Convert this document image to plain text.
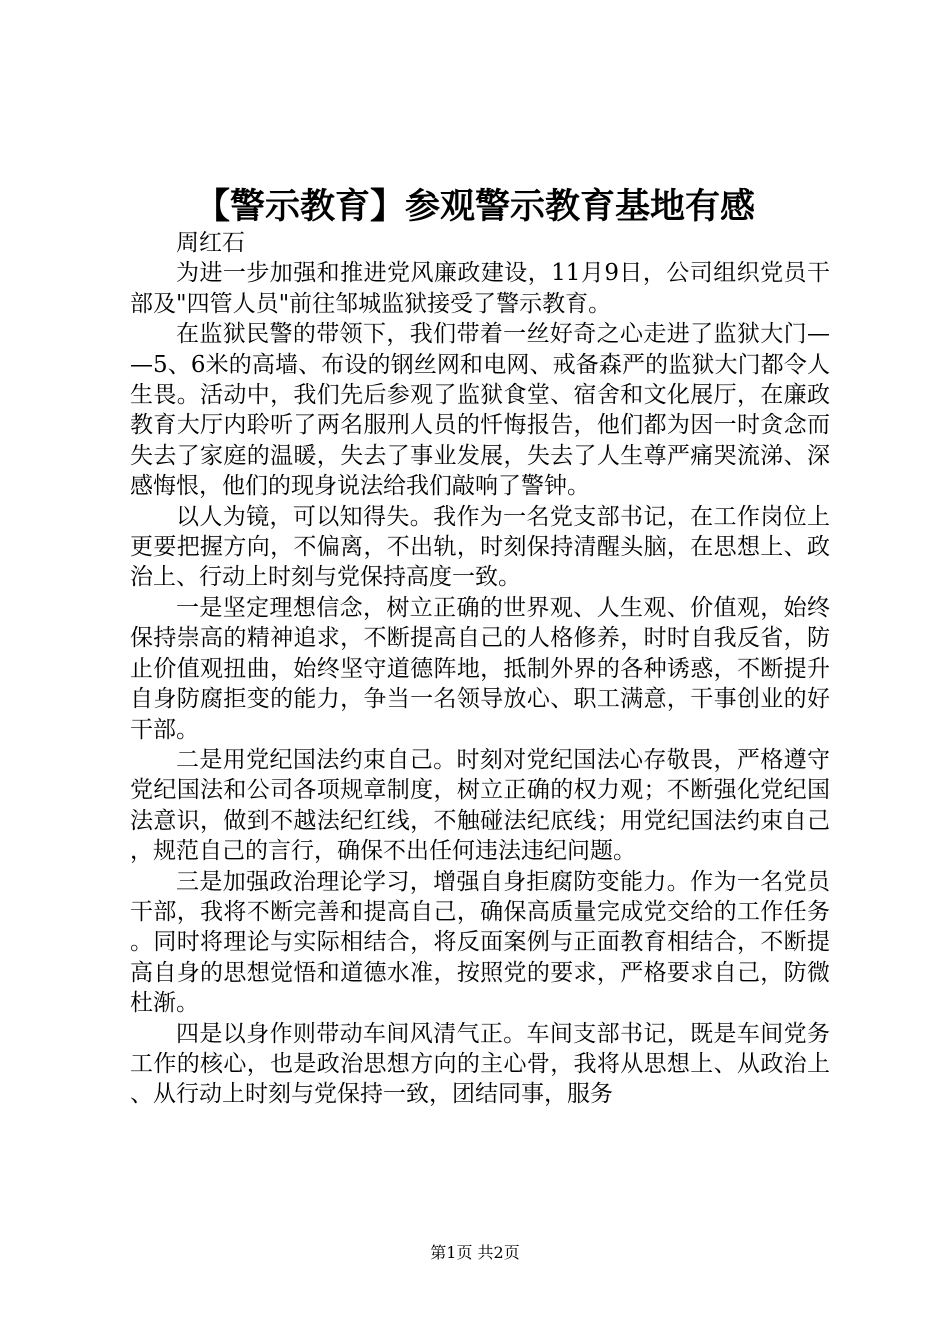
【警示教育】参观警示教育基地有感

周红石

为进一步加强和推进党风廉政建设，11月9日，公司组织党员干部及"四管人员"前往邹城监狱接受了警示教育。

在监狱民警的带领下，我们带着一丝好奇之心走进了监狱大门——5、6米的高墙、布设的钢丝网和电网、戒备森严的监狱大门都令人生畏。活动中，我们先后参观了监狱食堂、宿舍和文化展厅，在廉政教育大厅内聆听了两名服刑人员的忏悔报告，他们都为因一时贪念而失去了家庭的温暖，失去了事业发展，失去了人生尊严痛哭流涕、深感悔恨，他们的现身说法给我们敲响了警钟。

以人为镜，可以知得失。我作为一名党支部书记，在工作岗位上更要把握方向，不偏离，不出轨，时刻保持清醒头脑，在思想上、政治上、行动上时刻与党保持高度一致。

一是坚定理想信念，树立正确的世界观、人生观、价值观，始终保持崇高的精神追求，不断提高自己的人格修养，时时自我反省，防止价值观扭曲，始终坚守道德阵地，抵制外界的各种诱惑，不断提升自身防腐拒变的能力，争当一名领导放心、职工满意，干事创业的好干部。

二是用党纪国法约束自己。时刻对党纪国法心存敬畏，严格遵守党纪国法和公司各项规章制度，树立正确的权力观；不断强化党纪国法意识，做到不越法纪红线，不触碰法纪底线；用党纪国法约束自己，规范自己的言行，确保不出任何违法违纪问题。

三是加强政治理论学习，增强自身拒腐防变能力。作为一名党员干部，我将不断完善和提高自己，确保高质量完成党交给的工作任务。同时将理论与实际相结合，将反面案例与正面教育相结合，不断提高自身的思想觉悟和道德水准，按照党的要求，严格要求自己，防微杜渐。

四是以身作则带动车间风清气正。车间支部书记，既是车间党务工作的核心，也是政治思想方向的主心骨，我将从思想上、从政治上、从行动上时刻与党保持一致，团结同事，服务

第1页 共2页
